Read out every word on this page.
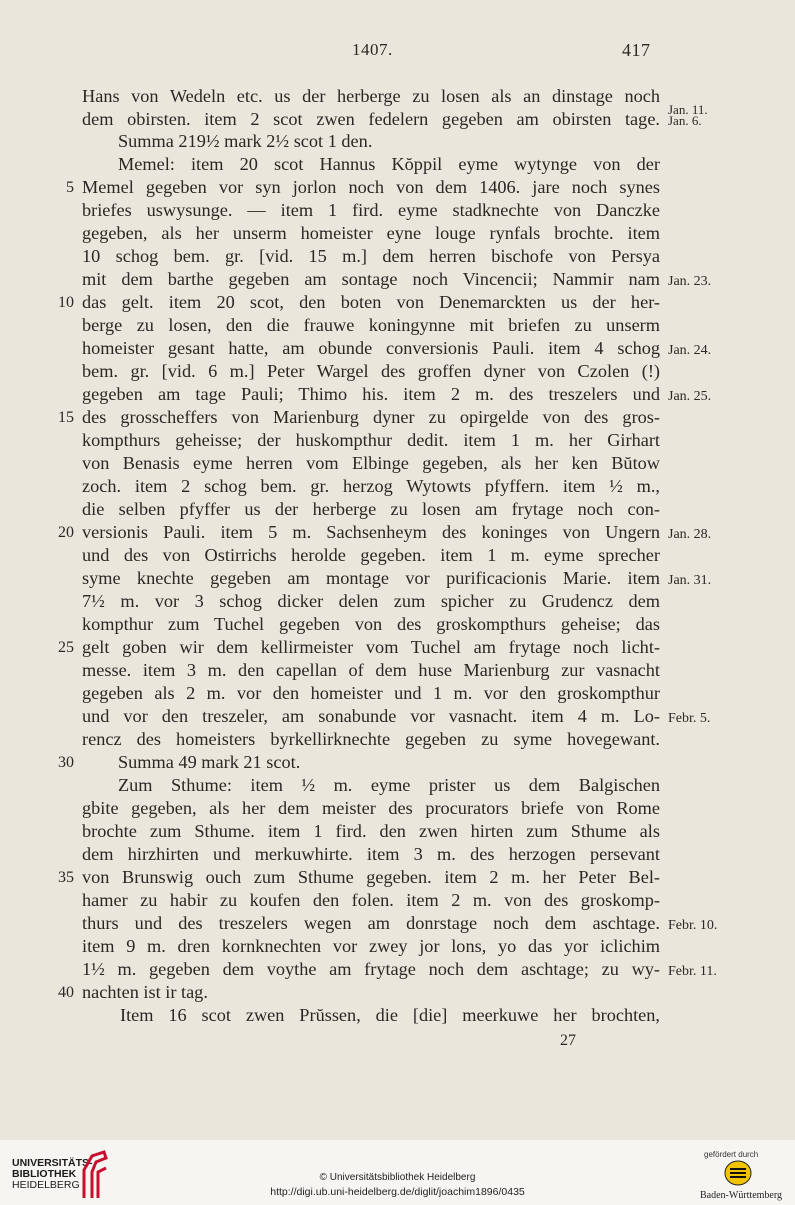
1407.	417
Hans von Wedeln etc. us der herberge zu losen als an dinstage noch
dem obirsten. item 2 scot zwen fedelern gegeben am obirsten tage.
Summa 219½ mark 2½ scot 1 den.
Memel: item 20 scot Hannus Kŏppil eyme wytynge von der
Memel gegeben vor syn jorlon noch von dem 1406. jare noch synes
briefes uswysunge. — item 1 fird. eyme stadknechte von Danczke
gegeben, als her unserm homeister eyne louge rynfals brochte. item
10 schog bem. gr. [vid. 15 m.] dem herren bischofe von Persya
mit dem barthe gegeben am sontage noch Vincencii; Nammir nam
das gelt. item 20 scot, den boten von Denemarckten us der her-
berge zu losen, den die frauwe koningynne mit briefen zu unserm
homeister gesant hatte, am obunde conversionis Pauli. item 4 schog
bem. gr. [vid. 6 m.] Peter Wargel des groffen dyner von Czolen (!)
gegeben am tage Pauli; Thimo his. item 2 m. des treszelers und
des grosscheffers von Marienburg dyner zu opirgelde von des gros-
kompthurs geheisse; der huskompthur dedit. item 1 m. her Girhart
von Benasis eyme herren vom Elbinge gegeben, als her ken Bŭtow
zoch. item 2 schog bem. gr. herzog Wytowts pfyffern. item ½ m.,
die selben pfyffer us der herberge zu losen am frytage noch con-
versionis Pauli. item 5 m. Sachsenheym des koninges von Ungern
und des von Ostirrichs herolde gegeben. item 1 m. eyme sprecher
syme knechte gegeben am montage vor purificacionis Marie. item
7½ m. vor 3 schog dicker delen zum spicher zu Grudencz dem
kompthur zum Tuchel gegeben von des groskompthurs geheise; das
gelt goben wir dem kellirmeister vom Tuchel am frytage noch licht-
messe. item 3 m. den capellan of dem huse Marienburg zur vasnacht
gegeben als 2 m. vor den homeister und 1 m. vor den groskompthur
und vor den treszeler, am sonabunde vor vasnacht. item 4 m. Lo-
rencz des homeisters byrkellirknechte gegeben zu syme hovegewant.
Summa 49 mark 21 scot.
Zum Sthume: item ½ m. eyme prister us dem Balgischen
gbite gegeben, als her dem meister des procurators briefe von Rome
brochte zum Sthume. item 1 fird. den zwen hirten zum Sthume als
dem hirzhirten und merkuwhirte. item 3 m. des herzogen persevant
von Brunswig ouch zum Sthume gegeben. item 2 m. her Peter Bel-
hamer zu habir zu koufen den folen. item 2 m. von des groskomp-
thurs und des treszelers wegen am donrstage noch dem aschtage.
item 9 m. dren kornknechten vor zwey jor lons, yo das yor iclichim
1½ m. gegeben dem voythe am frytage noch dem aschtage; zu wy-
nachten ist ir tag.
Item 16 scot zwen Prŭssen, die [die] meerkuwe her brochten,
5
10
15
20
25
30
35
40
Jan. 11.
Jan. 6.
Jan. 23.
Jan. 24.
Jan. 25.
Jan. 28.
Jan. 31.
Febr. 5.
Febr. 10.
Febr. 11.
27
UNIVERSITÄTS-
BIBLIOTHEK
HEIDELBERG
© Universitätsbibliothek Heidelberg
http://digi.ub.uni-heidelberg.de/diglit/joachim1896/0435
gefördert durch
Baden-Württemberg
